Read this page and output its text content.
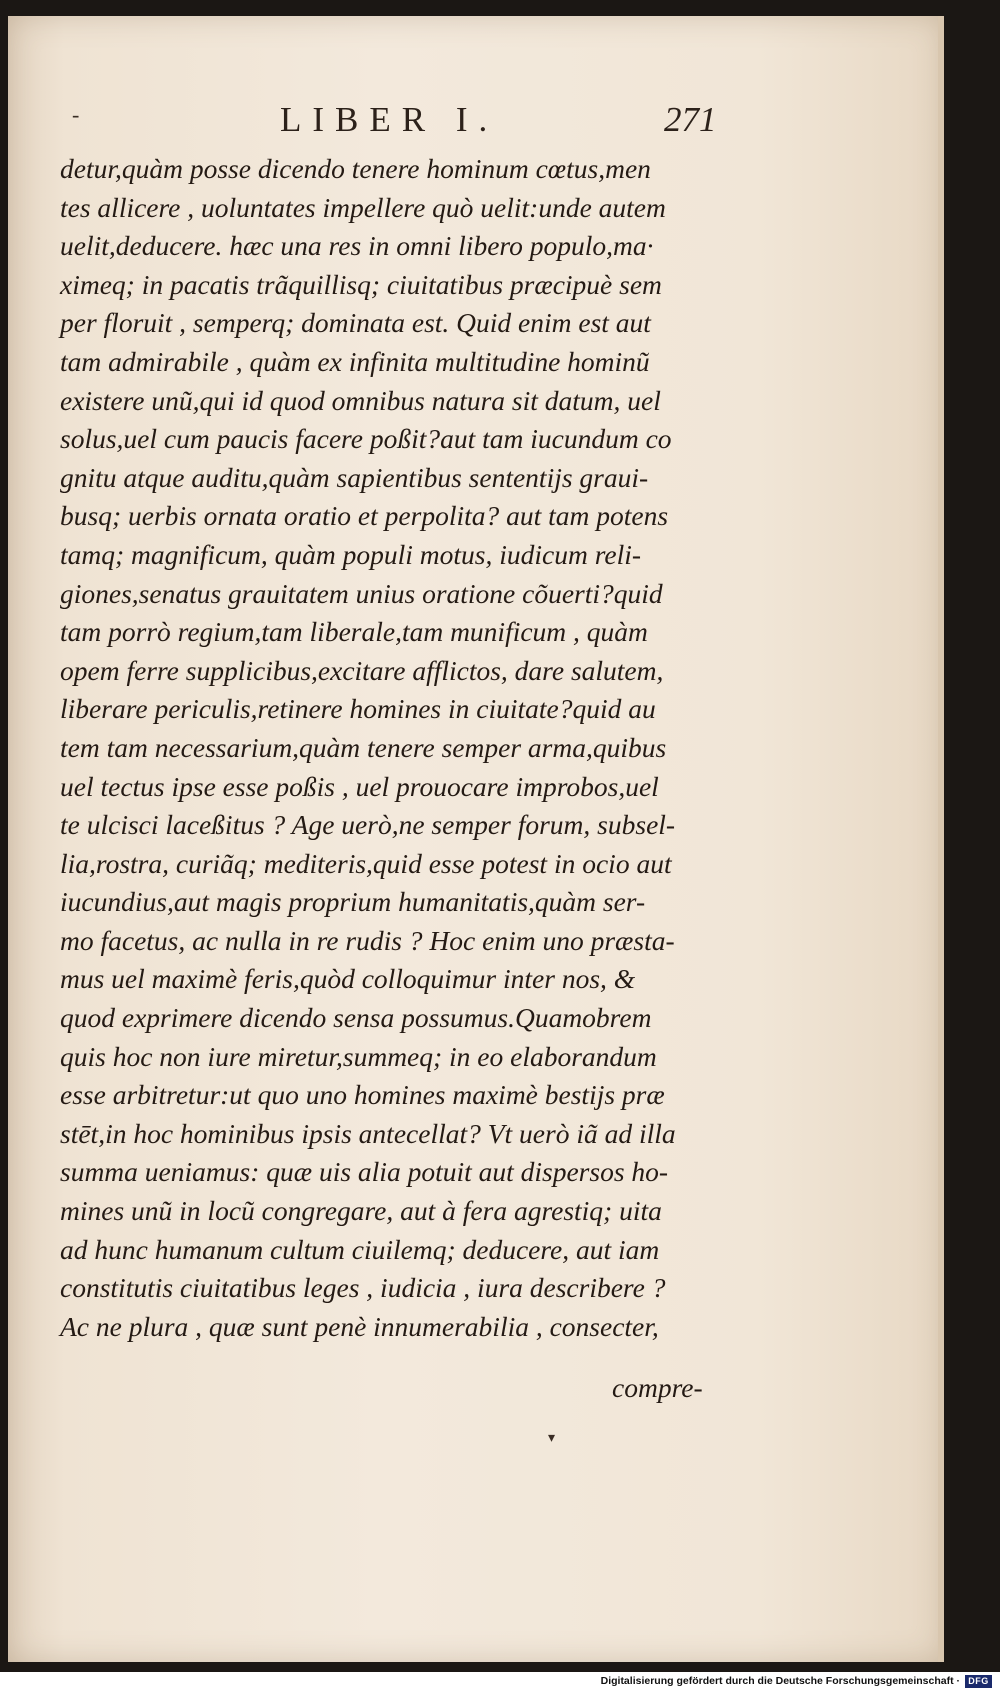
-	LIBER I.	271
detur,quàm posse dicendo tenere hominum cœtus,men
tes allicere , uoluntates impellere quò uelit:unde autem
uelit,deducere. hæc una res in omni libero populo,ma·
ximeq; in pacatis trãquillisq; ciuitatibus præcipuè sem
per floruit , semperq; dominata est. Quid enim est aut
tam admirabile , quàm ex infinita multitudine hominũ
existere unũ,qui id quod omnibus natura sit datum, uel
solus,uel cum paucis facere poßit?aut tam iucundum co
gnitu atque auditu,quàm sapientibus sententijs graui-
busq; uerbis ornata oratio et perpolita? aut tam potens
tamq; magnificum, quàm populi motus, iudicum reli-
giones,senatus grauitatem unius oratione cõuerti?quid
tam porrò regium,tam liberale,tam munificum , quàm
opem ferre supplicibus,excitare afflictos, dare salutem,
liberare periculis,retinere homines in ciuitate?quid au
tem tam necessarium,quàm tenere semper arma,quibus
uel tectus ipse esse poßis , uel prouocare improbos,uel
te ulcisci laceßitus ? Age uerò,ne semper forum, subsel-
lia,rostra, curiãq; mediteris,quid esse potest in ocio aut
iucundius,aut magis proprium humanitatis,quàm ser-
mo facetus, ac nulla in re rudis ? Hoc enim uno præsta-
mus uel maximè feris,quòd colloquimur inter nos, &
quod exprimere dicendo sensa possumus.Quamobrem
quis hoc non iure miretur,summeq; in eo elaborandum
esse arbitretur:ut quo uno homines maximè bestijs præ
stēt,in hoc hominibus ipsis antecellat? Vt uerò iã ad illa
summa ueniamus: quæ uis alia potuit aut dispersos ho-
mines unũ in locũ congregare, aut à fera agrestiq; uita
ad hunc humanum cultum ciuilemq; deducere, aut iam
constitutis ciuitatibus leges , iudicia , iura describere ?
Ac ne plura , quæ sunt penè innumerabilia , consecter,
compre-
▾
Digitalisierung gefördert durch die Deutsche Forschungsgemeinschaft · DFG
